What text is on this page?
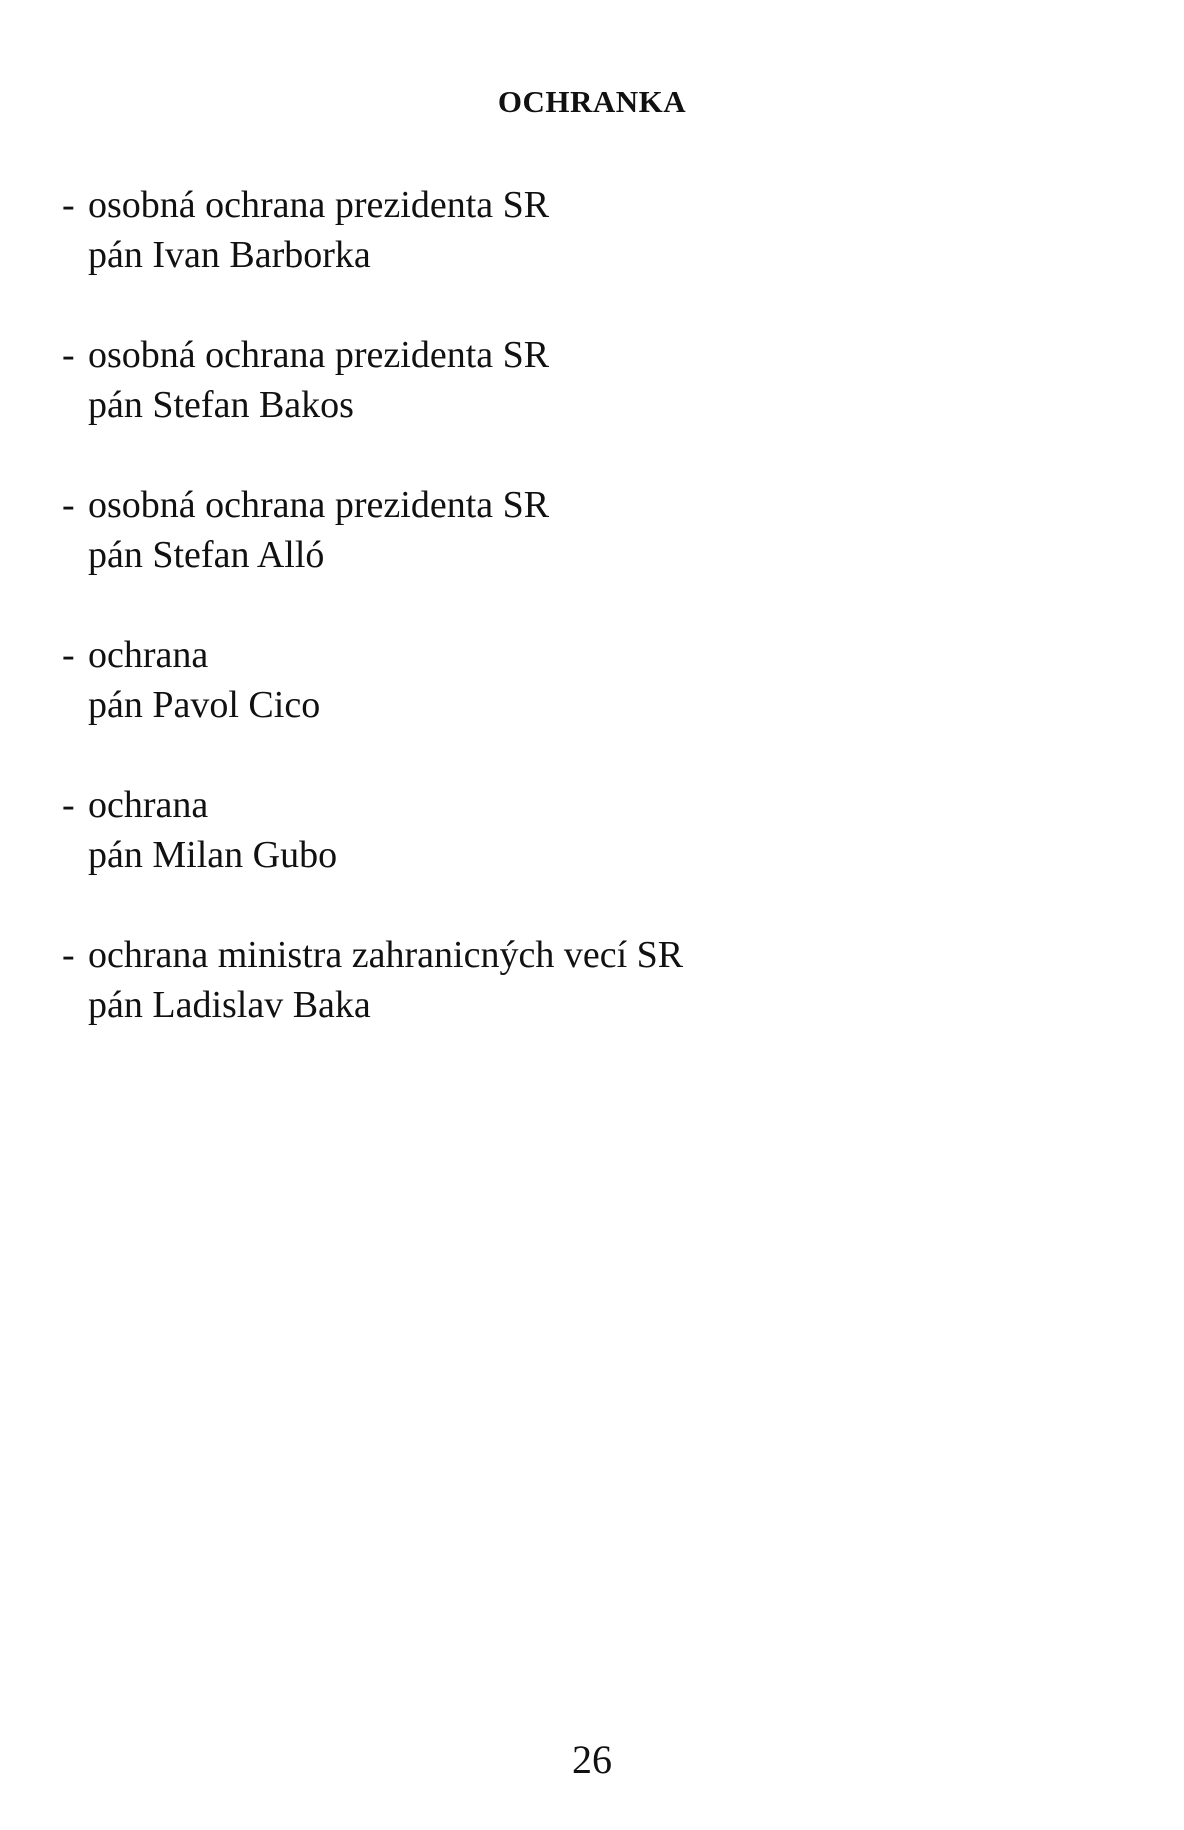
OCHRANKA
- osobná ochrana prezidenta SR
pán Ivan Barborka
- osobná ochrana prezidenta SR
pán Stefan Bakos
- osobná ochrana prezidenta SR
pán Stefan Alló
- ochrana
pán Pavol Cico
- ochrana
pán Milan Gubo
- ochrana ministra zahranicných vecí SR
pán Ladislav Baka
26
